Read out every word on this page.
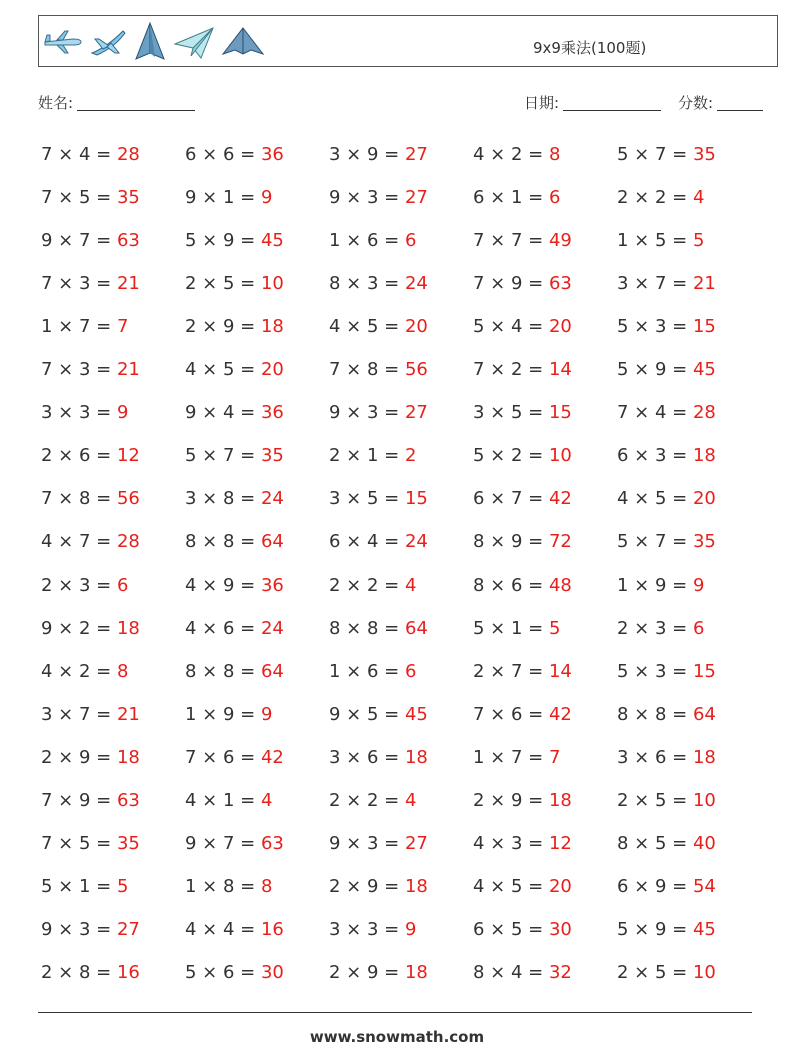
9x9乘法(100题)
姓名:	日期:	分数:
7 × 4 = 28	6 × 6 = 36	3 × 9 = 27	4 × 2 = 8	5 × 7 = 35
7 × 5 = 35	9 × 1 = 9	9 × 3 = 27	6 × 1 = 6	2 × 2 = 4
9 × 7 = 63	5 × 9 = 45	1 × 6 = 6	7 × 7 = 49	1 × 5 = 5
7 × 3 = 21	2 × 5 = 10	8 × 3 = 24	7 × 9 = 63	3 × 7 = 21
1 × 7 = 7	2 × 9 = 18	4 × 5 = 20	5 × 4 = 20	5 × 3 = 15
7 × 3 = 21	4 × 5 = 20	7 × 8 = 56	7 × 2 = 14	5 × 9 = 45
3 × 3 = 9	9 × 4 = 36	9 × 3 = 27	3 × 5 = 15	7 × 4 = 28
2 × 6 = 12	5 × 7 = 35	2 × 1 = 2	5 × 2 = 10	6 × 3 = 18
7 × 8 = 56	3 × 8 = 24	3 × 5 = 15	6 × 7 = 42	4 × 5 = 20
4 × 7 = 28	8 × 8 = 64	6 × 4 = 24	8 × 9 = 72	5 × 7 = 35
2 × 3 = 6	4 × 9 = 36	2 × 2 = 4	8 × 6 = 48	1 × 9 = 9
9 × 2 = 18	4 × 6 = 24	8 × 8 = 64	5 × 1 = 5	2 × 3 = 6
4 × 2 = 8	8 × 8 = 64	1 × 6 = 6	2 × 7 = 14	5 × 3 = 15
3 × 7 = 21	1 × 9 = 9	9 × 5 = 45	7 × 6 = 42	8 × 8 = 64
2 × 9 = 18	7 × 6 = 42	3 × 6 = 18	1 × 7 = 7	3 × 6 = 18
7 × 9 = 63	4 × 1 = 4	2 × 2 = 4	2 × 9 = 18	2 × 5 = 10
7 × 5 = 35	9 × 7 = 63	9 × 3 = 27	4 × 3 = 12	8 × 5 = 40
5 × 1 = 5	1 × 8 = 8	2 × 9 = 18	4 × 5 = 20	6 × 9 = 54
9 × 3 = 27	4 × 4 = 16	3 × 3 = 9	6 × 5 = 30	5 × 9 = 45
2 × 8 = 16	5 × 6 = 30	2 × 9 = 18	8 × 4 = 32	2 × 5 = 10
www.snowmath.com
